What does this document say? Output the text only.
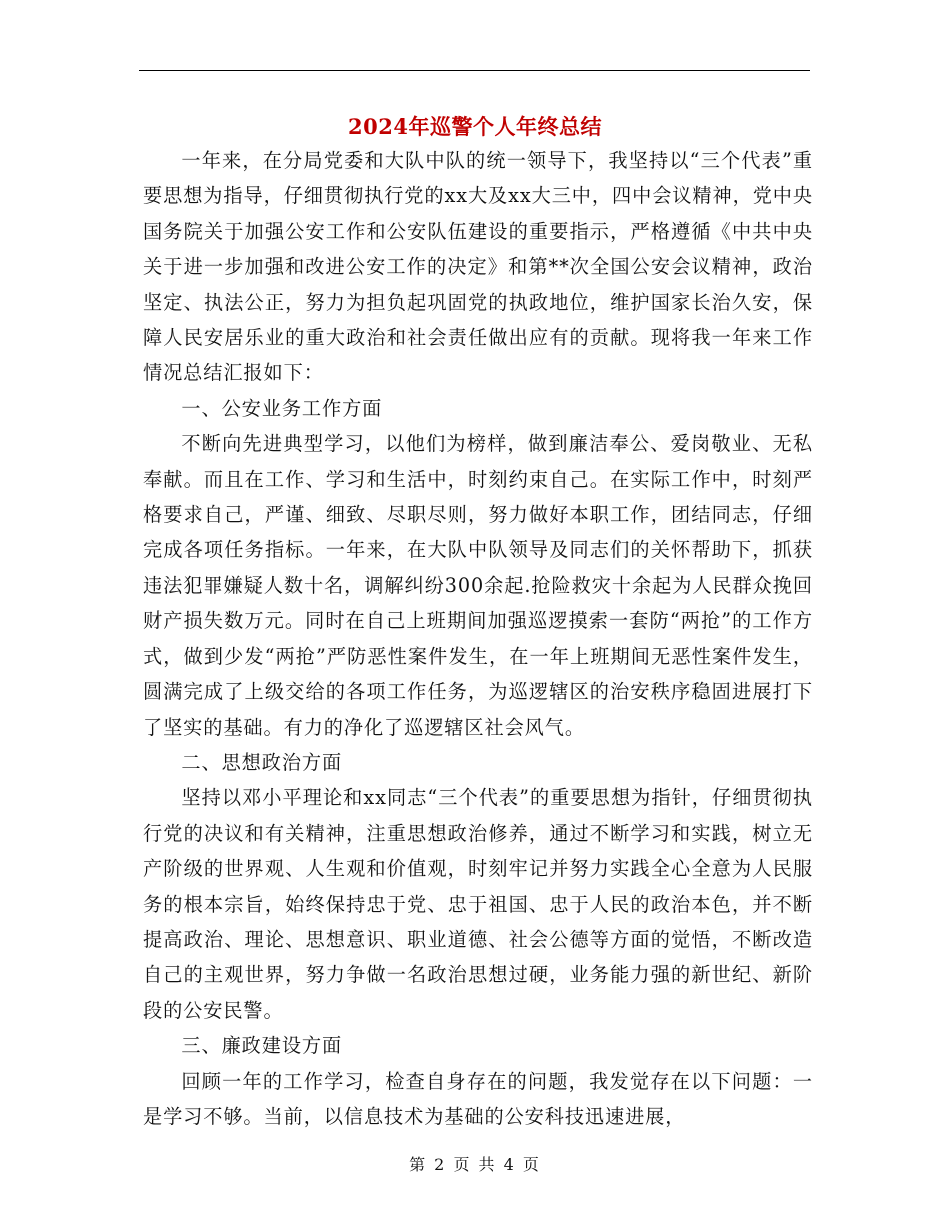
2024年巡警个人年终总结

一年来，在分局党委和大队中队的统一领导下，我坚持以“三个代表”重要思想为指导，仔细贯彻执行党的xx大及xx大三中，四中会议精神，党中央国务院关于加强公安工作和公安队伍建设的重要指示，严格遵循《中共中央关于进一步加强和改进公安工作的决定》和第**次全国公安会议精神，政治坚定、执法公正，努力为担负起巩固党的执政地位，维护国家长治久安，保障人民安居乐业的重大政治和社会责任做出应有的贡献。现将我一年来工作情况总结汇报如下：

一、公安业务工作方面

不断向先进典型学习，以他们为榜样，做到廉洁奉公、爱岗敬业、无私奉献。而且在工作、学习和生活中，时刻约束自己。在实际工作中，时刻严格要求自己，严谨、细致、尽职尽则，努力做好本职工作，团结同志，仔细完成各项任务指标。一年来，在大队中队领导及同志们的关怀帮助下，抓获违法犯罪嫌疑人数十名，调解纠纷300余起.抢险救灾十余起为人民群众挽回财产损失数万元。同时在自己上班期间加强巡逻摸索一套防“两抢”的工作方式，做到少发“两抢”严防恶性案件发生，在一年上班期间无恶性案件发生，圆满完成了上级交给的各项工作任务，为巡逻辖区的治安秩序稳固进展打下了坚实的基础。有力的净化了巡逻辖区社会风气。

二、思想政治方面

坚持以邓小平理论和xx同志“三个代表”的重要思想为指针，仔细贯彻执行党的决议和有关精神，注重思想政治修养，通过不断学习和实践，树立无产阶级的世界观、人生观和价值观，时刻牢记并努力实践全心全意为人民服务的根本宗旨，始终保持忠于党、忠于祖国、忠于人民的政治本色，并不断提高政治、理论、思想意识、职业道德、社会公德等方面的觉悟，不断改造自己的主观世界，努力争做一名政治思想过硬，业务能力强的新世纪、新阶段的公安民警。

三、廉政建设方面

回顾一年的工作学习，检查自身存在的问题，我发觉存在以下问题：一是学习不够。当前，以信息技术为基础的公安科技迅速进展，

第 2 页 共 4 页
